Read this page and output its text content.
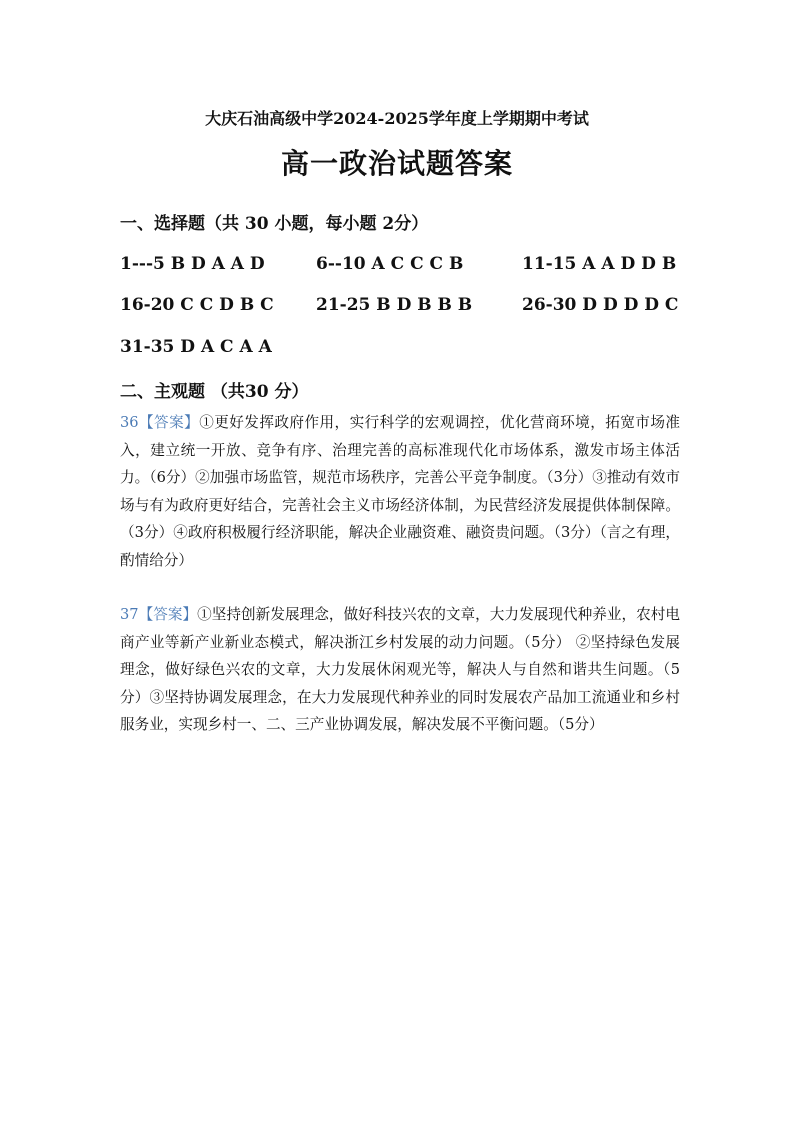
大庆石油高级中学2024-2025学年度上学期期中考试
高一政治试题答案
一、选择题（共 30 小题，每小题 2分）
1---5 B D A A D	6--10 A C C C B	11-15 A A D D B
16-20 C C D B C 21-25 B D B B B	26-30 D D D D C
31-35 D A C A A
二、主观题 （共30 分）
36【答案】①更好发挥政府作用，实行科学的宏观调控，优化营商环境，拓宽市场准入，建立统一开放、竞争有序、治理完善的高标准现代化市场体系，激发市场主体活力。（6分）②加强市场监管，规范市场秩序，完善公平竞争制度。（3分）③推动有效市场与有为政府更好结合，完善社会主义市场经济体制，为民营经济发展提供体制保障。（3分）④政府积极履行经济职能，解决企业融资难、融资贵问题。（3分）（言之有理，酌情给分）
37【答案】①坚持创新发展理念，做好科技兴农的文章，大力发展现代种养业，农村电商产业等新产业新业态模式，解决浙江乡村发展的动力问题。（5分） ②坚持绿色发展理念，做好绿色兴农的文章，大力发展休闲观光等，解决人与自然和谐共生问题。（5分）③坚持协调发展理念，在大力发展现代种养业的同时发展农产品加工流通业和乡村服务业，实现乡村一、二、三产业协调发展，解决发展不平衡问题。（5分）
